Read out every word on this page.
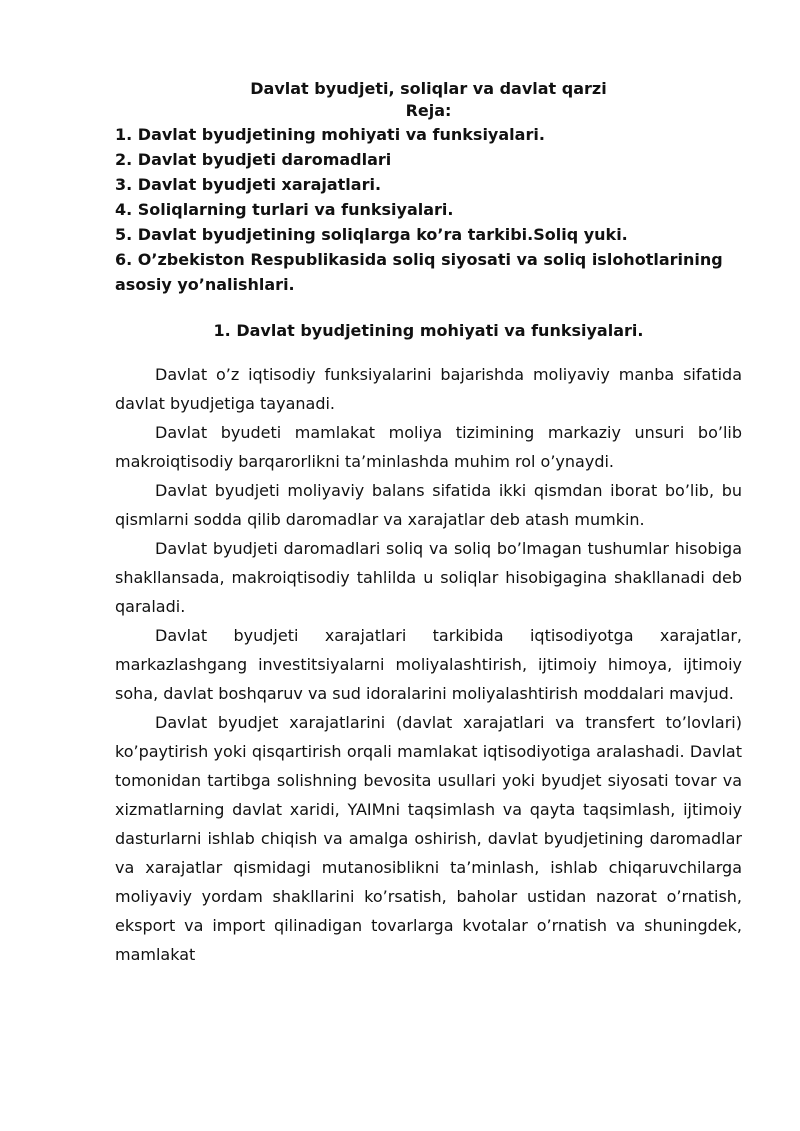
Davlat byudjeti, soliqlar va davlat qarzi
Reja:
1. Davlat byudjetining mohiyati va funksiyalari.
2. Davlat byudjeti daromadlari
3. Davlat byudjeti xarajatlari.
4. Soliqlarning turlari va funksiyalari.
5. Davlat byudjetining soliqlarga ko’ra tarkibi.Soliq yuki.
6. O’zbekiston Respublikasida soliq siyosati va soliq islohotlarining asosiy yo’nalishlari.
1. Davlat byudjetining mohiyati va funksiyalari.

Davlat o’z iqtisodiy funksiyalarini bajarishda moliyaviy manba sifatida davlat byudjetiga tayanadi.

Davlat byudeti mamlakat moliya tizimining markaziy unsuri bo’lib makroiqtisodiy barqarorlikni ta’minlashda muhim rol o’ynaydi.

Davlat byudjeti moliyaviy balans sifatida ikki qismdan iborat bo’lib, bu qismlarni sodda qilib daromadlar va xarajatlar deb atash mumkin.

Davlat byudjeti daromadlari soliq va soliq bo’lmagan tushumlar hisobiga shakllansada, makroiqtisodiy tahlilda u soliqlar hisobigagina shakllanadi deb qaraladi.

Davlat byudjeti xarajatlari tarkibida iqtisodiyotga xarajatlar, markazlashgang investitsiyalarni moliyalashtirish, ijtimoiy himoya, ijtimoiy soha, davlat boshqaruv va sud idoralarini moliyalashtirish moddalari mavjud.

Davlat byudjet xarajatlarini (davlat xarajatlari va transfert to’lovlari) ko’paytirish yoki qisqartirish orqali mamlakat iqtisodiyotiga aralashadi. Davlat tomonidan tartibga solishning bevosita usullari yoki byudjet siyosati tovar va xizmatlarning davlat xaridi, YAIMni taqsimlash va qayta taqsimlash, ijtimoiy dasturlarni ishlab chiqish va amalga oshirish, davlat byudjetining daromadlar va xarajatlar qismidagi mutanosiblikni ta’minlash, ishlab chiqaruvchilarga moliyaviy yordam shakllarini ko’rsatish, baholar ustidan nazorat o’rnatish, eksport va import qilinadigan tovarlarga kvotalar o’rnatish va shuningdek, mamlakat
